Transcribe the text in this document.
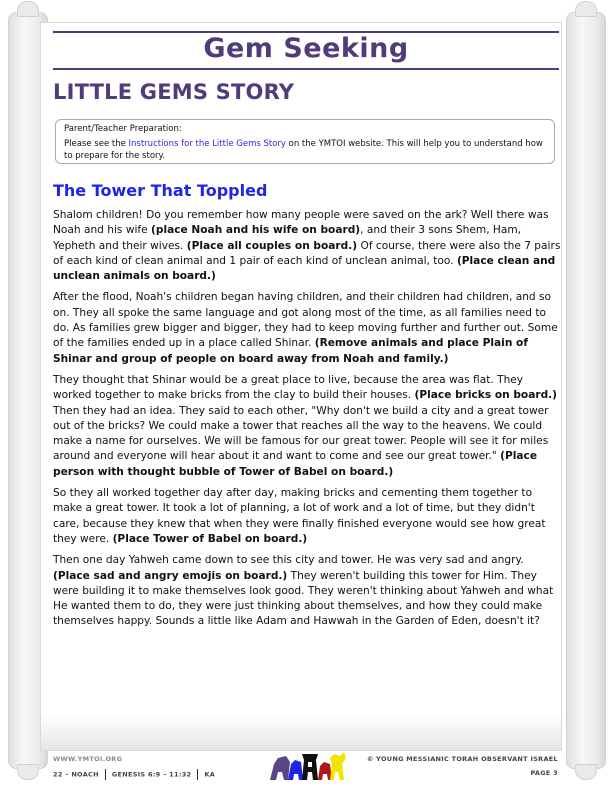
Gem Seeking
LITTLE GEMS STORY
Parent/Teacher Preparation:
Please see the Instructions for the Little Gems Story on the YMTOI website. This will help you to understand how to prepare for the story.
The Tower That Toppled

Shalom children! Do you remember how many people were saved on the ark? Well there was Noah and his wife (place Noah and his wife on board), and their 3 sons Shem, Ham, Yepheth and their wives. (Place all couples on board.) Of course, there were also the 7 pairs of each kind of clean animal and 1 pair of each kind of unclean animal, too. (Place clean and unclean animals on board.)

After the flood, Noah's children began having children, and their children had children, and so on. They all spoke the same language and got along most of the time, as all families need to do. As families grew bigger and bigger, they had to keep moving further and further out. Some of the families ended up in a place called Shinar. (Remove animals and place Plain of Shinar and group of people on board away from Noah and family.)

They thought that Shinar would be a great place to live, because the area was flat. They worked together to make bricks from the clay to build their houses. (Place bricks on board.) Then they had an idea. They said to each other, "Why don't we build a city and a great tower out of the bricks? We could make a tower that reaches all the way to the heavens. We could make a name for ourselves. We will be famous for our great tower. People will see it for miles around and everyone will hear about it and want to come and see our great tower." (Place person with thought bubble of Tower of Babel on board.)

So they all worked together day after day, making bricks and cementing them together to make a great tower. It took a lot of planning, a lot of work and a lot of time, but they didn't care, because they knew that when they were finally finished everyone would see how great they were. (Place Tower of Babel on board.)

Then one day Yahweh came down to see this city and tower. He was very sad and angry. (Place sad and angry emojis on board.) They weren't building this tower for Him. They were building it to make themselves look good. They weren't thinking about Yahweh and what He wanted them to do, they were just thinking about themselves, and how they could make themselves happy. Sounds a little like Adam and Hawwah in the Garden of Eden, doesn't it?

WWW.YMTOI.ORG
22 – NOACH GENESIS 6:9 – 11:32 KA
© YOUNG MESSIANIC TORAH OBSERVANT ISRAEL
PAGE 3
